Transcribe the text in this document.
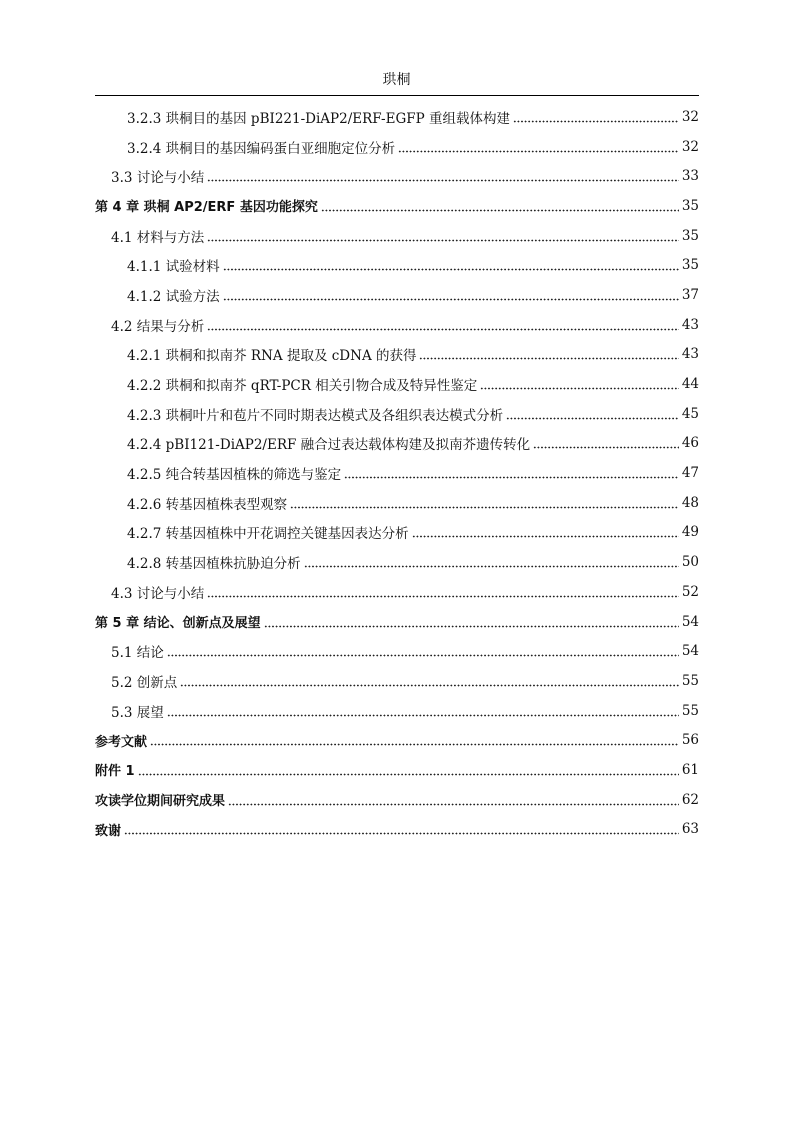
珙桐
3.2.3 珙桐目的基因 pBI221-DiAP2/ERF-EGFP 重组载体构建	32
3.2.4 珙桐目的基因编码蛋白亚细胞定位分析	32
3.3 讨论与小结	33
第 4 章 珙桐 AP2/ERF 基因功能探究	35
4.1 材料与方法	35
4.1.1 试验材料	35
4.1.2 试验方法	37
4.2 结果与分析	43
4.2.1 珙桐和拟南芥 RNA 提取及 cDNA 的获得	43
4.2.2 珙桐和拟南芥 qRT-PCR 相关引物合成及特异性鉴定	44
4.2.3 珙桐叶片和苞片不同时期表达模式及各组织表达模式分析	45
4.2.4 pBI121-DiAP2/ERF 融合过表达载体构建及拟南芥遗传转化	46
4.2.5 纯合转基因植株的筛选与鉴定	47
4.2.6 转基因植株表型观察	48
4.2.7 转基因植株中开花调控关键基因表达分析	49
4.2.8 转基因植株抗胁迫分析	50
4.3 讨论与小结	52
第 5 章 结论、创新点及展望	54
5.1 结论	54
5.2 创新点	55
5.3 展望	55
参考文献	56
附件 1	61
攻读学位期间研究成果	62
致谢	63
